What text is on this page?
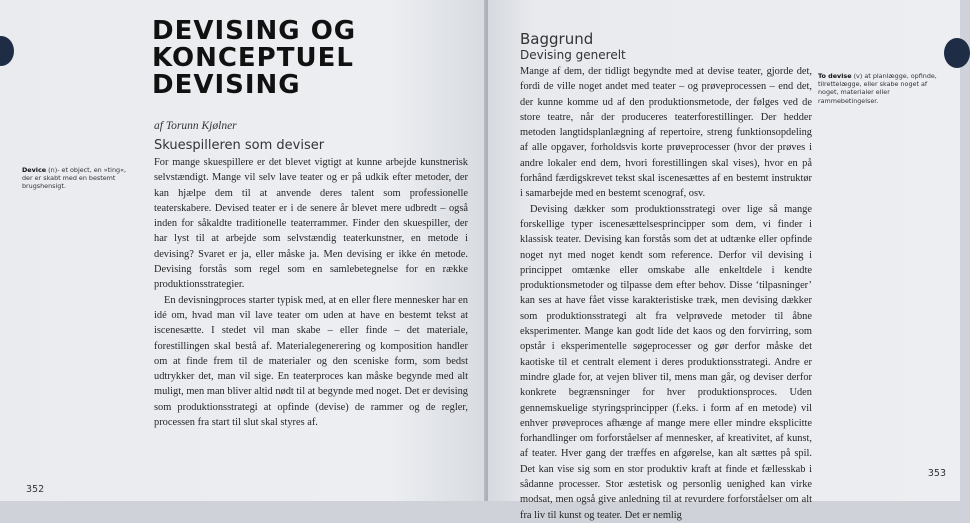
DEVISING OG
KONCEPTUEL
DEVISING
af Torunn Kjølner
Skuespilleren som deviser

For mange skuespillere er det blevet vigtigt at kunne arbejde kunstnerisk selvstændigt. Mange vil selv lave teater og er på udkik efter metoder, der kan hjælpe dem til at anvende deres talent som professionelle teaterskabere. Devised teater er i de senere år blevet mere udbredt – også inden for såkaldte traditionelle teaterrammer. Finder den skuespiller, der har lyst til at arbejde som selvstændig teaterkunstner, en metode i devising? Svaret er ja, eller måske ja. Men devising er ikke én metode. Devising forstås som regel som en samlebetegnelse for en række produktionsstrategier.

En devisningproces starter typisk med, at en eller flere mennesker har en idé om, hvad man vil lave teater om uden at have en bestemt tekst at iscenesætte. I stedet vil man skabe – eller finde – det materiale, forestillingen skal bestå af. Materialegenerering og komposition handler om at finde frem til de materialer og den sceniske form, som bedst udtrykker det, man vil sige. En teaterproces kan måske begynde med alt muligt, men man bliver altid nødt til at begynde med noget. Det er devising som produktionsstrategi at opfinde (devise) de rammer og de regler, processen fra start til slut skal styres af.

Device (n)- et object, en »ting«, der er skabt med en bestemt brugshensigt.
352
Baggrund
Devising generelt

Mange af dem, der tidligt begyndte med at devise teater, gjorde det, fordi de ville noget andet med teater – og prøveprocessen – end det, der kunne komme ud af den produktionsmetode, der følges ved de store teatre, når der produceres teaterforestillinger. Der hedder metoden langtidsplanlægning af repertoire, streng funktionsopdeling af alle opgaver, forholdsvis korte prøveprocesser (hvor der prøves i andre lokaler end dem, hvori forestillingen skal vises), hvor en på forhånd færdigskrevet tekst skal iscenesættes af en bestemt instruktør i samarbejde med en bestemt scenograf, osv.

Devising dækker som produktionsstrategi over lige så mange forskellige typer iscenesættelsesprincipper som dem, vi finder i klassisk teater. Devising kan forstås som det at udtænke eller opfinde noget nyt med noget kendt som reference. Derfor vil devising i princippet omtænke eller omskabe alle enkeltdele i kendte produktionsmetoder og tilpasse dem efter behov. Disse ‘tilpasninger’ kan ses at have fået visse karakteristiske træk, men devising dækker som produktionsstrategi alt fra velprøvede metoder til åbne eksperimenter. Mange kan godt lide det kaos og den forvirring, som opstår i eksperimentelle søgeprocesser og gør derfor måske det kaotiske til et centralt element i deres produktionsstrategi. Andre er mindre glade for, at vejen bliver til, mens man går, og deviser derfor konkrete begrænsninger for hver produktionsproces. Uden gennemskuelige styringsprincipper (f.eks. i form af en metode) vil enhver prøveproces afhænge af mange mere eller mindre eksplicitte forhandlinger om forforståelser af mennesker, af kreativitet, af kunst, af teater. Hver gang der træffes en afgørelse, kan alt sættes på spil. Det kan vise sig som en stor produktiv kraft at finde et fællesskab i sådanne processer. Stor æstetisk og personlig uenighed kan virke modsat, men også give anledning til at revurdere forforståelser om alt fra liv til kunst og teater. Det er nemlig

To devise (v) at planlægge, opfinde, tilrettelægge, eller skabe noget af noget, materialer eller rammebetingelser.
353
